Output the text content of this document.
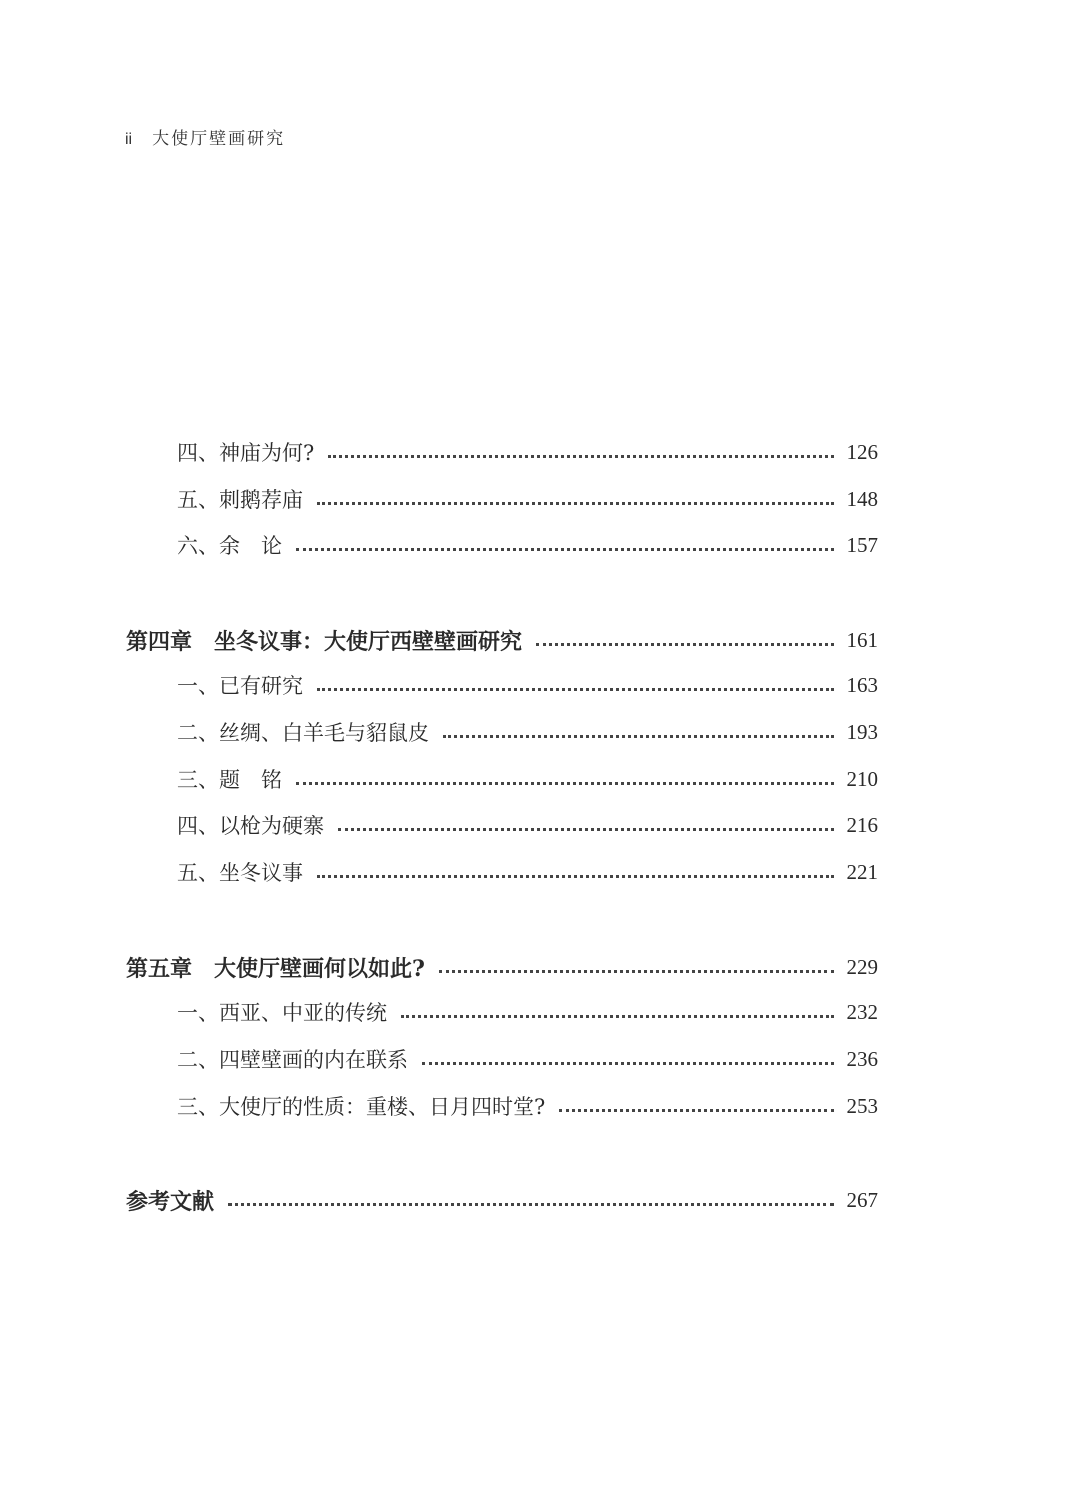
ii 大使厅壁画研究
四、神庙为何?	126
五、刺鹅荐庙	148
六、余　论	157
第四章　坐冬议事：大使厅西壁壁画研究	161
一、已有研究	163
二、丝绸、白羊毛与貂鼠皮	193
三、题　铭	210
四、以枪为硬寨	216
五、坐冬议事	221
第五章　大使厅壁画何以如此?	229
一、西亚、中亚的传统	232
二、四壁壁画的内在联系	236
三、大使厅的性质：重楼、日月四时堂?	253
参考文献	267
